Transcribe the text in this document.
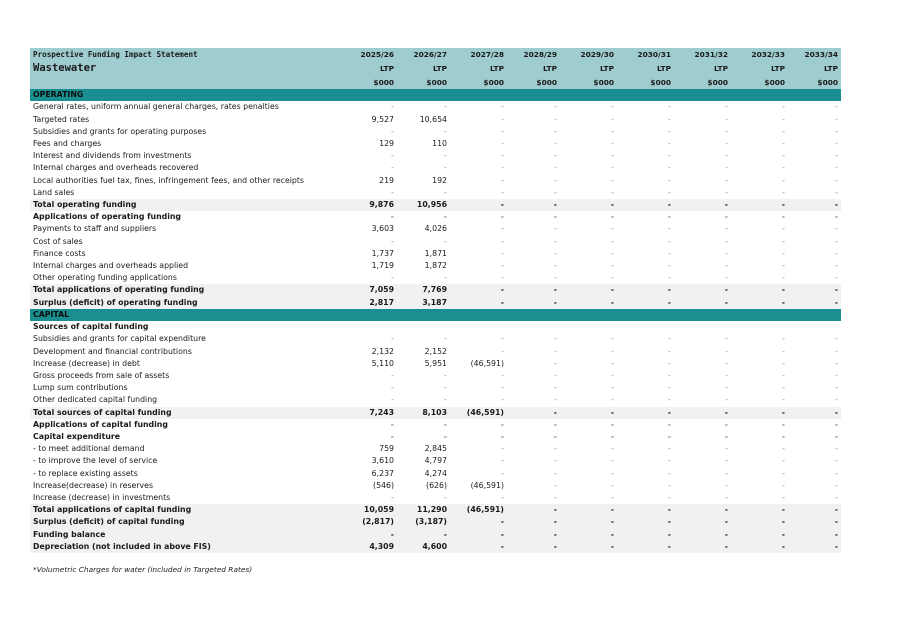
Prospective Funding Impact Statement	2025/26	2026/27	2027/28	2028/29	2029/30	2030/31	2031/32	2032/33	2033/34
Wastewater	LTP	LTP	LTP	LTP	LTP	LTP	LTP	LTP	LTP
	$000	$000	$000	$000	$000	$000	$000	$000	$000
OPERATING									
General rates, uniform annual general charges, rates penalties	-	-	-	-	-	-	-	-	-
Targeted rates	9,527	10,654	-	-	-	-	-	-	-
Subsidies and grants for operating purposes	-	-	-	-	-	-	-	-	-
Fees and charges	129	110	-	-	-	-	-	-	-
Interest and dividends from investments	-	-	-	-	-	-	-	-	-
Internal charges and overheads recovered	-	-	-	-	-	-	-	-	-
Local authorities fuel tax, fines, infringement fees, and other receipts	219	192	-	-	-	-	-	-	-
Land sales	-	-	-	-	-	-	-	-	-
Total operating funding	9,876	10,956	-	-	-	-	-	-	-
Applications of operating funding	-	-	-	-	-	-	-	-	-
Payments to staff and suppliers	3,603	4,026	-	-	-	-	-	-	-
Cost of sales	-	-	-	-	-	-	-	-	-
Finance costs	1,737	1,871	-	-	-	-	-	-	-
Internal charges and overheads applied	1,719	1,872	-	-	-	-	-	-	-
Other operating funding applications	-	-	-	-	-	-	-	-	-
Total applications of operating funding	7,059	7,769	-	-	-	-	-	-	-
Surplus (deficit) of operating funding	2,817	3,187	-	-	-	-	-	-	-
CAPITAL									
Sources of capital funding									
Subsidies and grants for capital expenditure	-	-	-	-	-	-	-	-	-
Development and financial contributions	2,132	2,152	-	-	-	-	-	-	-
Increase (decrease) in debt	5,110	5,951	(46,591)	-	-	-	-	-	-
Gross proceeds from sale of assets	-	-	-	-	-	-	-	-	-
Lump sum contributions	-	-	-	-	-	-	-	-	-
Other dedicated capital funding	-	-	-	-	-	-	-	-	-
Total sources of capital funding	7,243	8,103	(46,591)	-	-	-	-	-	-
Applications of capital funding	-	-	-	-	-	-	-	-	-
Capital expenditure	-	-	-	-	-	-	-	-	-
- to meet additional demand	759	2,845	-	-	-	-	-	-	-
- to improve the level of service	3,610	4,797	-	-	-	-	-	-	-
- to replace existing assets	6,237	4,274	-	-	-	-	-	-	-
Increase(decrease) in reserves	(546)	(626)	(46,591)	-	-	-	-	-	-
Increase (decrease) in investments	-	-	-	-	-	-	-	-	-
Total applications of capital funding	10,059	11,290	(46,591)	-	-	-	-	-	-
Surplus (deficit) of capital funding	(2,817)	(3,187)	-	-	-	-	-	-	-
Funding balance	-	-	-	-	-	-	-	-	-
Depreciation (not included in above FIS)	4,309	4,600	-	-	-	-	-	-	-
*Volumetric Charges for water (included in Targeted Rates)
